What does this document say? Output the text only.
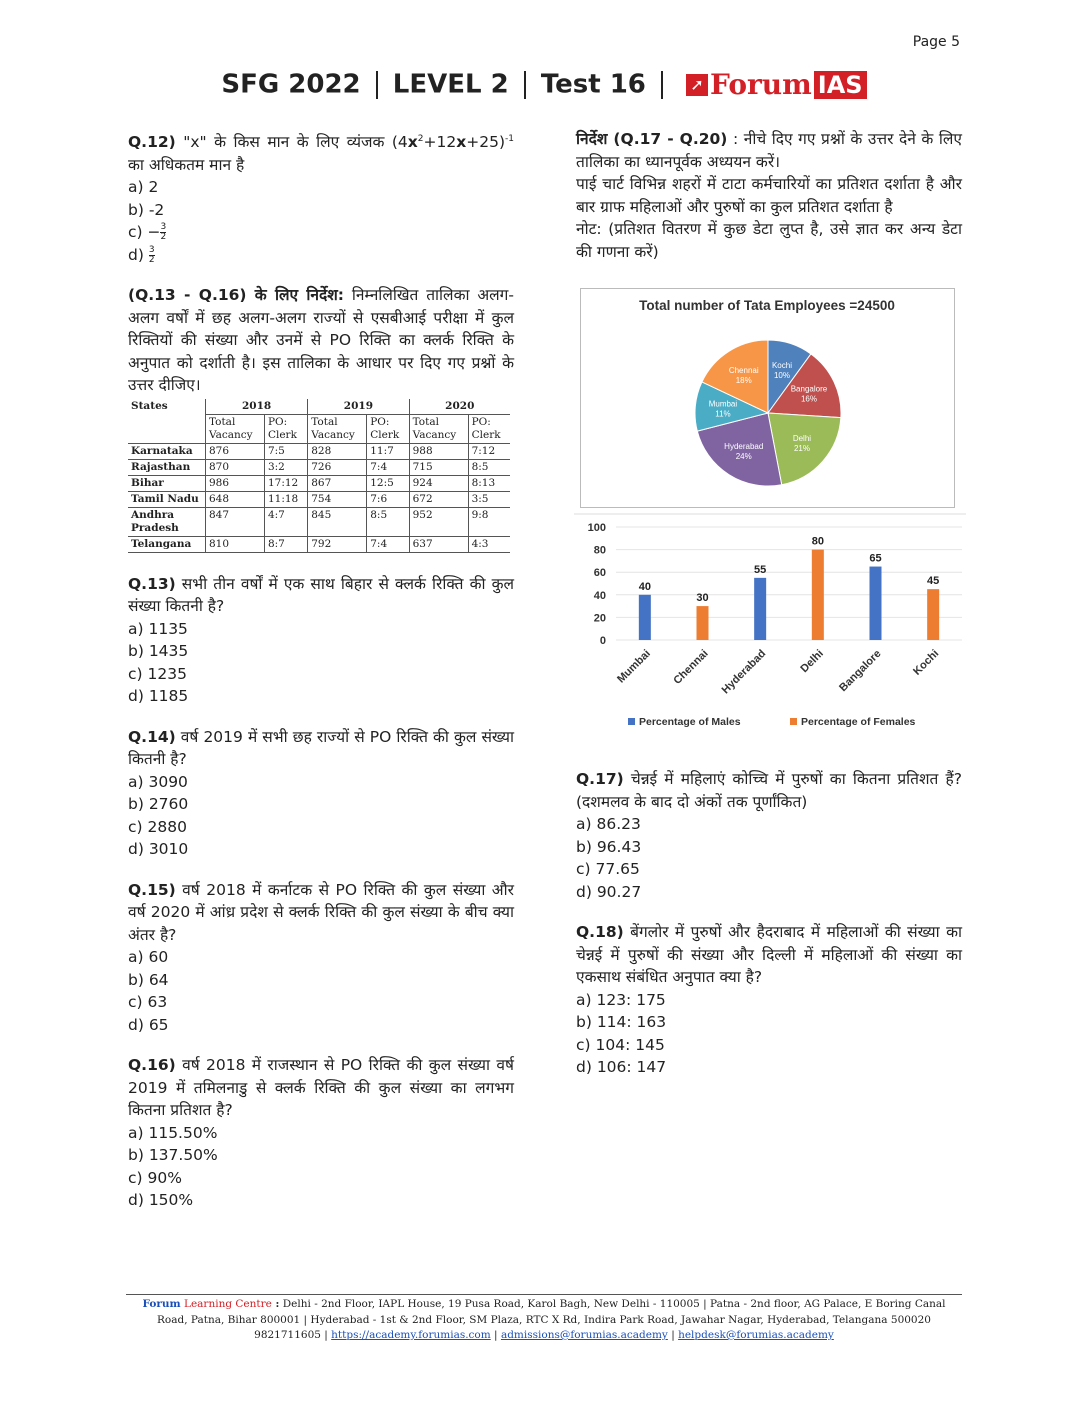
Page 5
SFG 2022 LEVEL 2 Test 16	➚ Forum IAS
Q.12) "x" के किस मान के लिए व्यंजक $(4x^2+12x+25)^{-1}$ का अधिकतम मान है
a) 2
b) -2
$c) - \frac{3}{2}$
$d) \frac{3}{2}$
(Q.13 - Q.16) के लिए निर्देश: निम्नलिखित तालिका अलग-अलग वर्षों में छह अलग-अलग राज्यों से एसबीआई परीक्षा में कुल रिक्तियों की संख्या और उनमें से PO रिक्ति का क्लर्क रिक्ति के अनुपात को दर्शाती है। इस तालिका के आधार पर दिए गए प्रश्नों के उत्तर दीजिए।
States	2018		2019		2020	
	Total Vacancy	PO: Clerk	Total Vacancy	PO: Clerk	Total Vacancy	PO: Clerk
Karnataka	876	7:5	828	11:7	988	7:12
Rajasthan	870	3:2	726	7:4	715	8:5
Bihar	986	17:12	867	12:5	924	8:13
Tamil Nadu	648	11:18	754	7:6	672	3:5
Andhra Pradesh	847	4:7	845	8:5	952	9:8
Telangana	810	8:7	792	7:4	637	4:3
Q.13) सभी तीन वर्षों में एक साथ बिहार से क्लर्क रिक्ति की कुल संख्या कितनी है?
a) 1135
b) 1435
c) 1235
d) 1185
Q.14) वर्ष 2019 में सभी छह राज्यों से PO रिक्ति की कुल संख्या कितनी है?
a) 3090
b) 2760
c) 2880
d) 3010
Q.15) वर्ष 2018 में कर्नाटक से PO रिक्ति की कुल संख्या और वर्ष 2020 में आंध्र प्रदेश से क्लर्क रिक्ति की कुल संख्या के बीच क्या अंतर है?
a) 60
b) 64
c) 63
d) 65
Q.16) वर्ष 2018 में राजस्थान से PO रिक्ति की कुल संख्या वर्ष 2019 में तमिलनाडु से क्लर्क रिक्ति की कुल संख्या का लगभग कितना प्रतिशत है?
a) 115.50%
b) 137.50%
c) 90%
d) 150%
निर्देश (Q.17 - Q.20) : नीचे दिए गए प्रश्नों के उत्तर देने के लिए तालिका का ध्यानपूर्वक अध्ययन करें।
पाई चार्ट विभिन्न शहरों में टाटा कर्मचारियों का प्रतिशत दर्शाता है और बार ग्राफ महिलाओं और पुरुषों का कुल प्रतिशत दर्शाता है
नोट: (प्रतिशत वितरण में कुछ डेटा लुप्त है, उसे ज्ञात कर अन्य डेटा की गणना करें)
Total number of Tata Employees =24500
Kochi
10%
Bangalore
16%
Delhi
21%
Hyderabad
24%
Mumbai
11%
Chennai
18%
0
20
40
60
80
100
40
30
55
80
65
45
Mumbai Chennai Hyderabad	Delhi Bangalore	Kochi
Percentage of Males	Percentage of Females
Q.17) चेन्नई में महिलाएं कोच्चि में पुरुषों का कितना प्रतिशत हैं? (दशमलव के बाद दो अंकों तक पूर्णांकित)
a) 86.23
b) 96.43
c) 77.65
d) 90.27
Q.18) बेंगलोर में पुरुषों और हैदराबाद में महिलाओं की संख्या का चेन्नई में पुरुषों की संख्या और दिल्ली में महिलाओं की संख्या का एकसाथ संबंधित अनुपात क्या है?
a) 123: 175
b) 114: 163
c) 104: 145
d) 106: 147
Forum Learning Centre : Delhi - 2nd Floor, IAPL House, 19 Pusa Road, Karol Bagh, New Delhi - 110005 | Patna - 2nd floor, AG Palace, E Boring Canal
Road, Patna, Bihar 800001 | Hyderabad - 1st & 2nd Floor, SM Plaza, RTC X Rd, Indira Park Road, Jawahar Nagar, Hyderabad, Telangana 500020
9821711605 | https://academy.forumias.com | admissions@forumias.academy | helpdesk@forumias.academy
